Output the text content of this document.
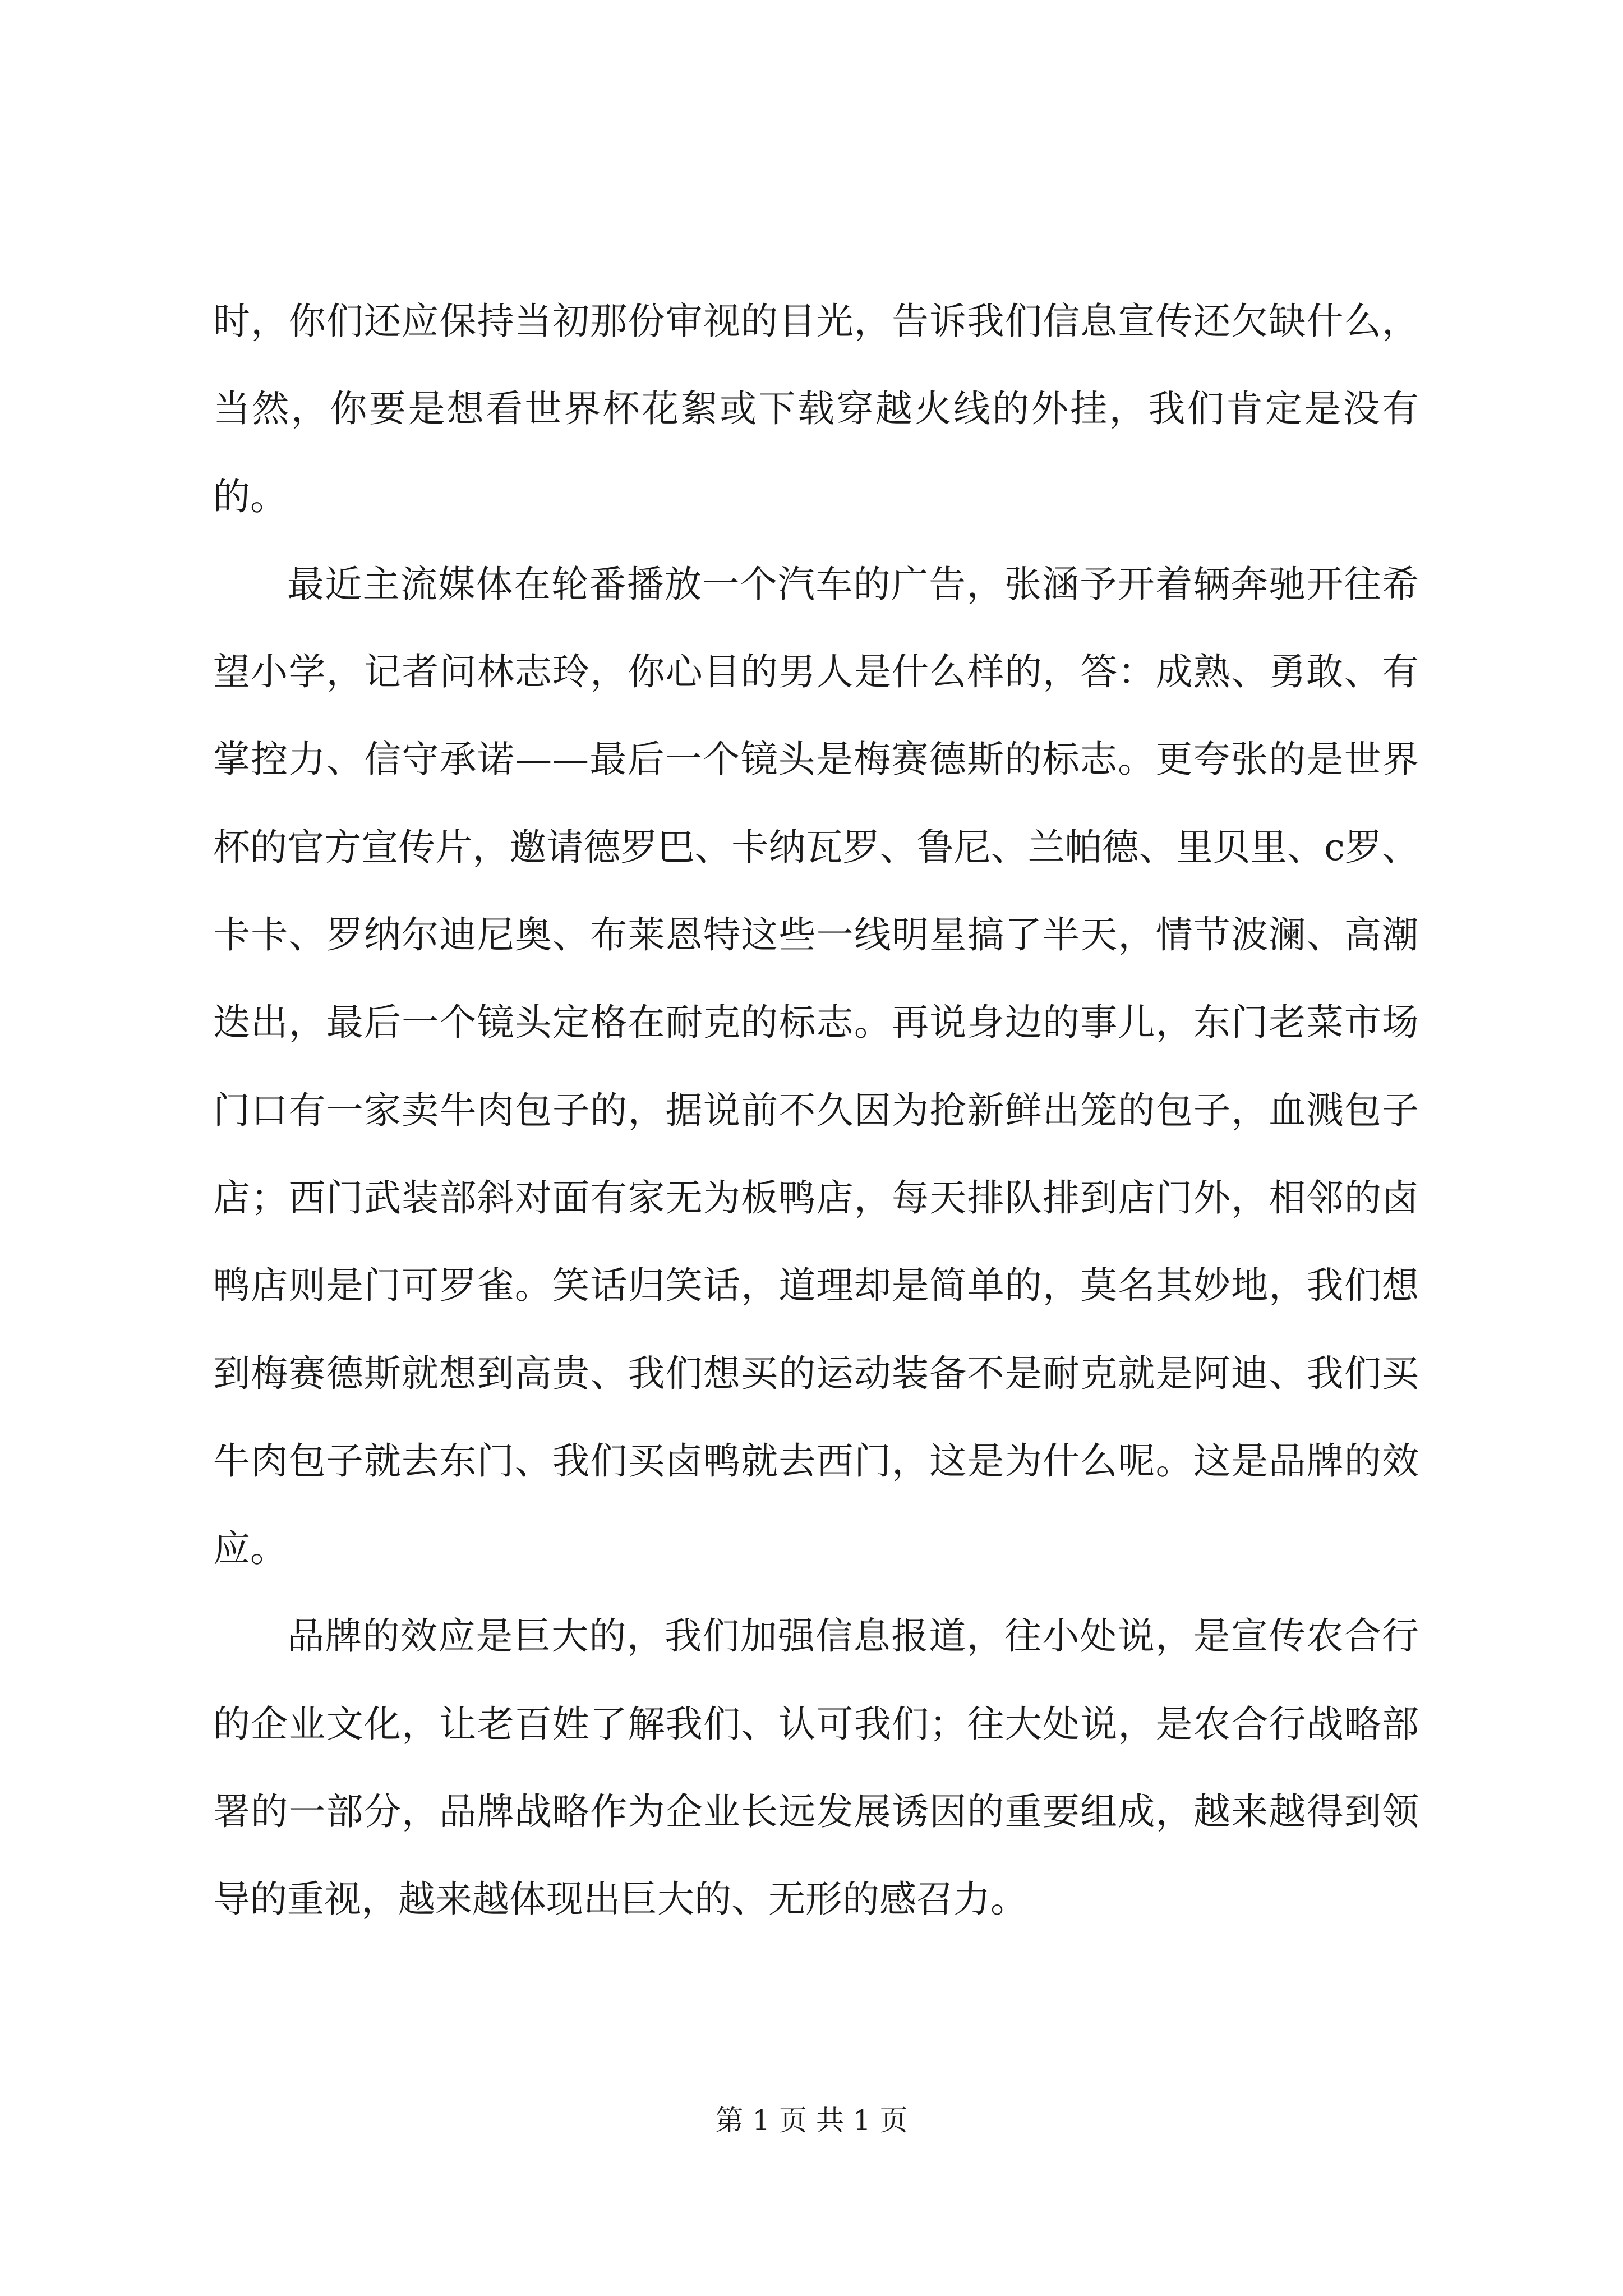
时，你们还应保持当初那份审视的目光，告诉我们信息宣传还欠缺什么，当然，你要是想看世界杯花絮或下载穿越火线的外挂，我们肯定是没有的。

最近主流媒体在轮番播放一个汽车的广告，张涵予开着辆奔驰开往希望小学，记者问林志玲，你心目的男人是什么样的，答：成熟、勇敢、有掌控力、信守承诺——最后一个镜头是梅赛德斯的标志。更夸张的是世界杯的官方宣传片，邀请德罗巴、卡纳瓦罗、鲁尼、兰帕德、里贝里、c罗、卡卡、罗纳尔迪尼奥、布莱恩特这些一线明星搞了半天，情节波澜、高潮迭出，最后一个镜头定格在耐克的标志。再说身边的事儿，东门老菜市场门口有一家卖牛肉包子的，据说前不久因为抢新鲜出笼的包子，血溅包子店；西门武装部斜对面有家无为板鸭店，每天排队排到店门外，相邻的卤鸭店则是门可罗雀。笑话归笑话，道理却是简单的，莫名其妙地，我们想到梅赛德斯就想到高贵、我们想买的运动装备不是耐克就是阿迪、我们买牛肉包子就去东门、我们买卤鸭就去西门，这是为什么呢。这是品牌的效应。

品牌的效应是巨大的，我们加强信息报道，往小处说，是宣传农合行的企业文化，让老百姓了解我们、认可我们；往大处说，是农合行战略部署的一部分，品牌战略作为企业长远发展诱因的重要组成，越来越得到领导的重视，越来越体现出巨大的、无形的感召力。

第 1 页 共 1 页
